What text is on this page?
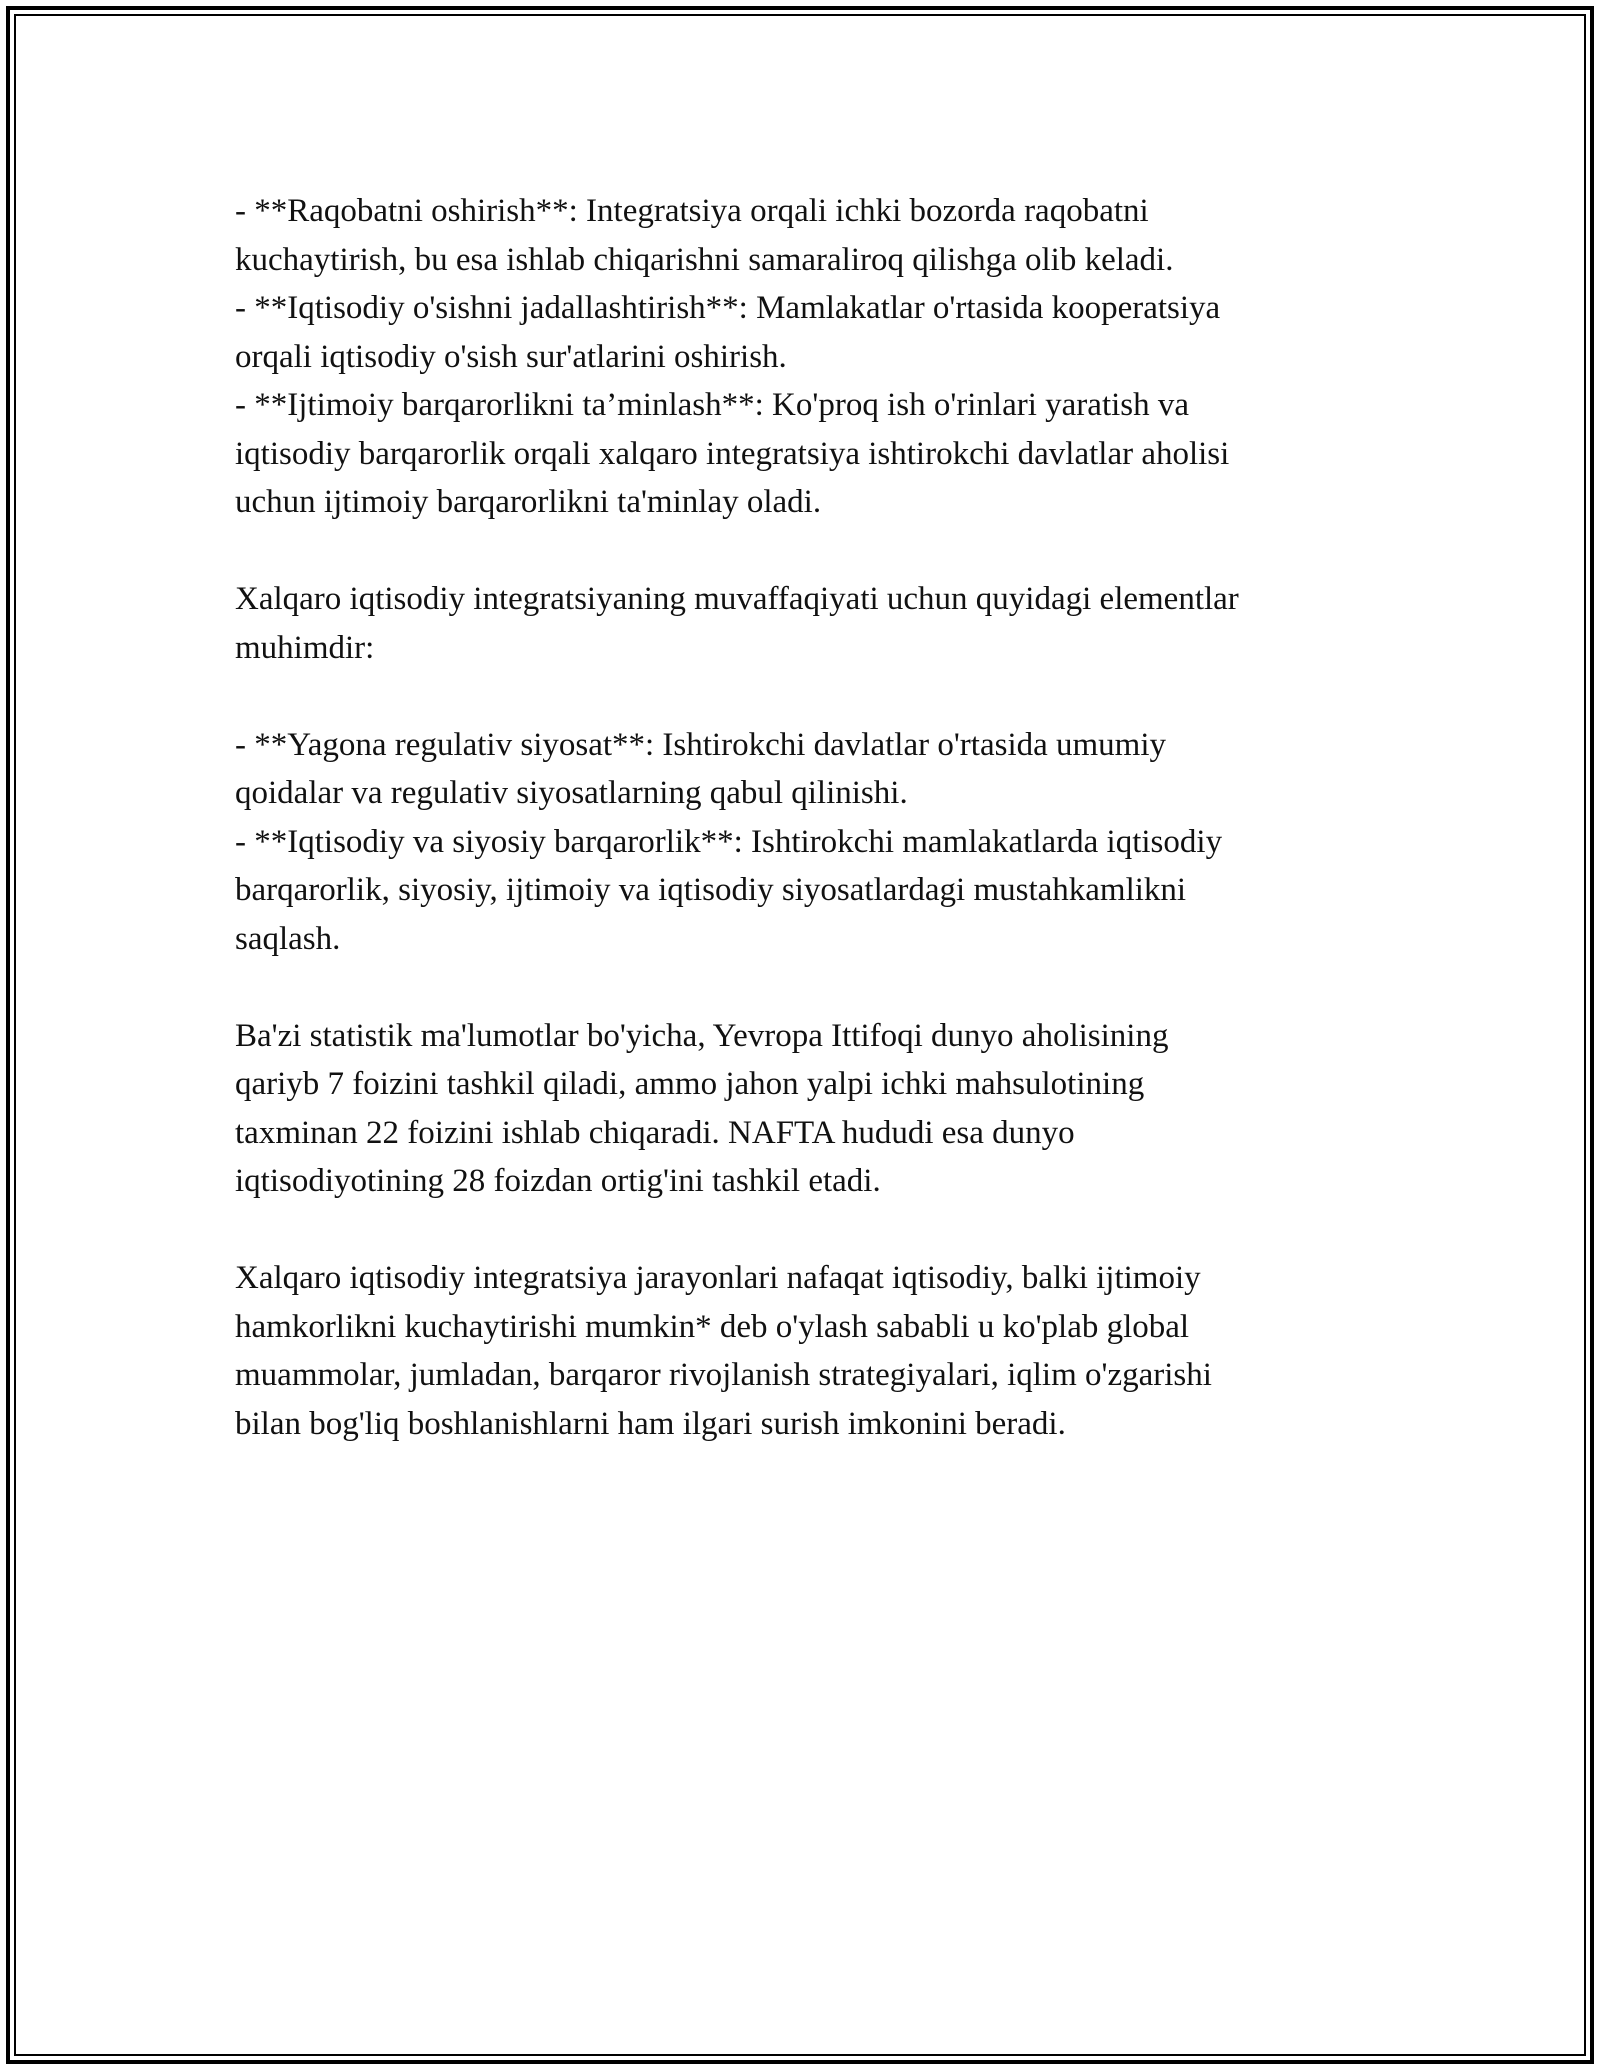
- **Raqobatni oshirish**: Integratsiya orqali ichki bozorda raqobatni

kuchaytirish, bu esa ishlab chiqarishni samaraliroq qilishga olib keladi.

- **Iqtisodiy o'sishni jadallashtirish**: Mamlakatlar o'rtasida kooperatsiya

orqali iqtisodiy o'sish sur'atlarini oshirish.

- **Ijtimoiy barqarorlikni ta’minlash**: Ko'proq ish o'rinlari yaratish va

iqtisodiy barqarorlik orqali xalqaro integratsiya ishtirokchi davlatlar aholisi

uchun ijtimoiy barqarorlikni ta'minlay oladi.

Xalqaro iqtisodiy integratsiyaning muvaffaqiyati uchun quyidagi elementlar

muhimdir:

- **Yagona regulativ siyosat**: Ishtirokchi davlatlar o'rtasida umumiy

qoidalar va regulativ siyosatlarning qabul qilinishi.

- **Iqtisodiy va siyosiy barqarorlik**: Ishtirokchi mamlakatlarda iqtisodiy

barqarorlik, siyosiy, ijtimoiy va iqtisodiy siyosatlardagi mustahkamlikni

saqlash.

Ba'zi statistik ma'lumotlar bo'yicha, Yevropa Ittifoqi dunyo aholisining

qariyb 7 foizini tashkil qiladi, ammo jahon yalpi ichki mahsulotining

taxminan 22 foizini ishlab chiqaradi. NAFTA hududi esa dunyo

iqtisodiyotining 28 foizdan ortig'ini tashkil etadi.

Xalqaro iqtisodiy integratsiya jarayonlari nafaqat iqtisodiy, balki ijtimoiy

hamkorlikni kuchaytirishi mumkin* deb o'ylash sababli u ko'plab global

muammolar, jumladan, barqaror rivojlanish strategiyalari, iqlim o'zgarishi

bilan bog'liq boshlanishlarni ham ilgari surish imkonini beradi.
